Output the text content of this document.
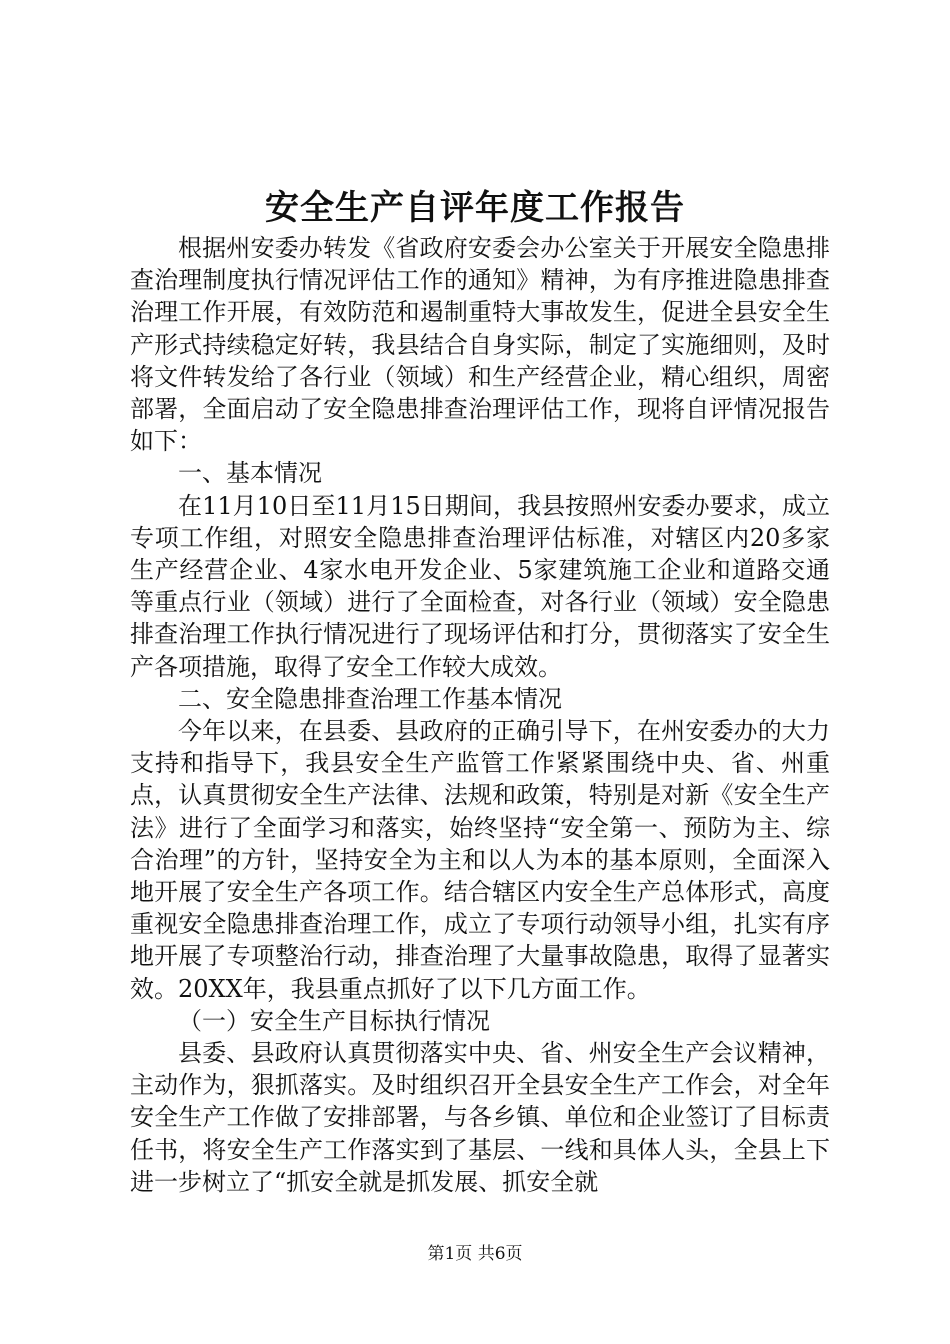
安全生产自评年度工作报告

根据州安委办转发《省政府安委会办公室关于开展安全隐患排查治理制度执行情况评估工作的通知》精神，为有序推进隐患排查治理工作开展，有效防范和遏制重特大事故发生，促进全县安全生产形式持续稳定好转，我县结合自身实际，制定了实施细则，及时将文件转发给了各行业（领域）和生产经营企业，精心组织，周密部署，全面启动了安全隐患排查治理评估工作，现将自评情况报告如下：

一、基本情况

在11月10日至11月15日期间，我县按照州安委办要求，成立专项工作组，对照安全隐患排查治理评估标准，对辖区内20多家生产经营企业、4家水电开发企业、5家建筑施工企业和道路交通等重点行业（领域）进行了全面检查，对各行业（领域）安全隐患排查治理工作执行情况进行了现场评估和打分，贯彻落实了安全生产各项措施，取得了安全工作较大成效。

二、安全隐患排查治理工作基本情况

今年以来，在县委、县政府的正确引导下，在州安委办的大力支持和指导下，我县安全生产监管工作紧紧围绕中央、省、州重点，认真贯彻安全生产法律、法规和政策，特别是对新《安全生产法》进行了全面学习和落实，始终坚持“安全第一、预防为主、综合治理”的方针，坚持安全为主和以人为本的基本原则，全面深入地开展了安全生产各项工作。结合辖区内安全生产总体形式，高度重视安全隐患排查治理工作，成立了专项行动领导小组，扎实有序地开展了专项整治行动，排查治理了大量事故隐患，取得了显著实效。20XX年，我县重点抓好了以下几方面工作。

（一）安全生产目标执行情况

县委、县政府认真贯彻落实中央、省、州安全生产会议精神，主动作为，狠抓落实。及时组织召开全县安全生产工作会，对全年安全生产工作做了安排部署，与各乡镇、单位和企业签订了目标责任书，将安全生产工作落实到了基层、一线和具体人头，全县上下进一步树立了“抓安全就是抓发展、抓安全就

第1页 共6页
